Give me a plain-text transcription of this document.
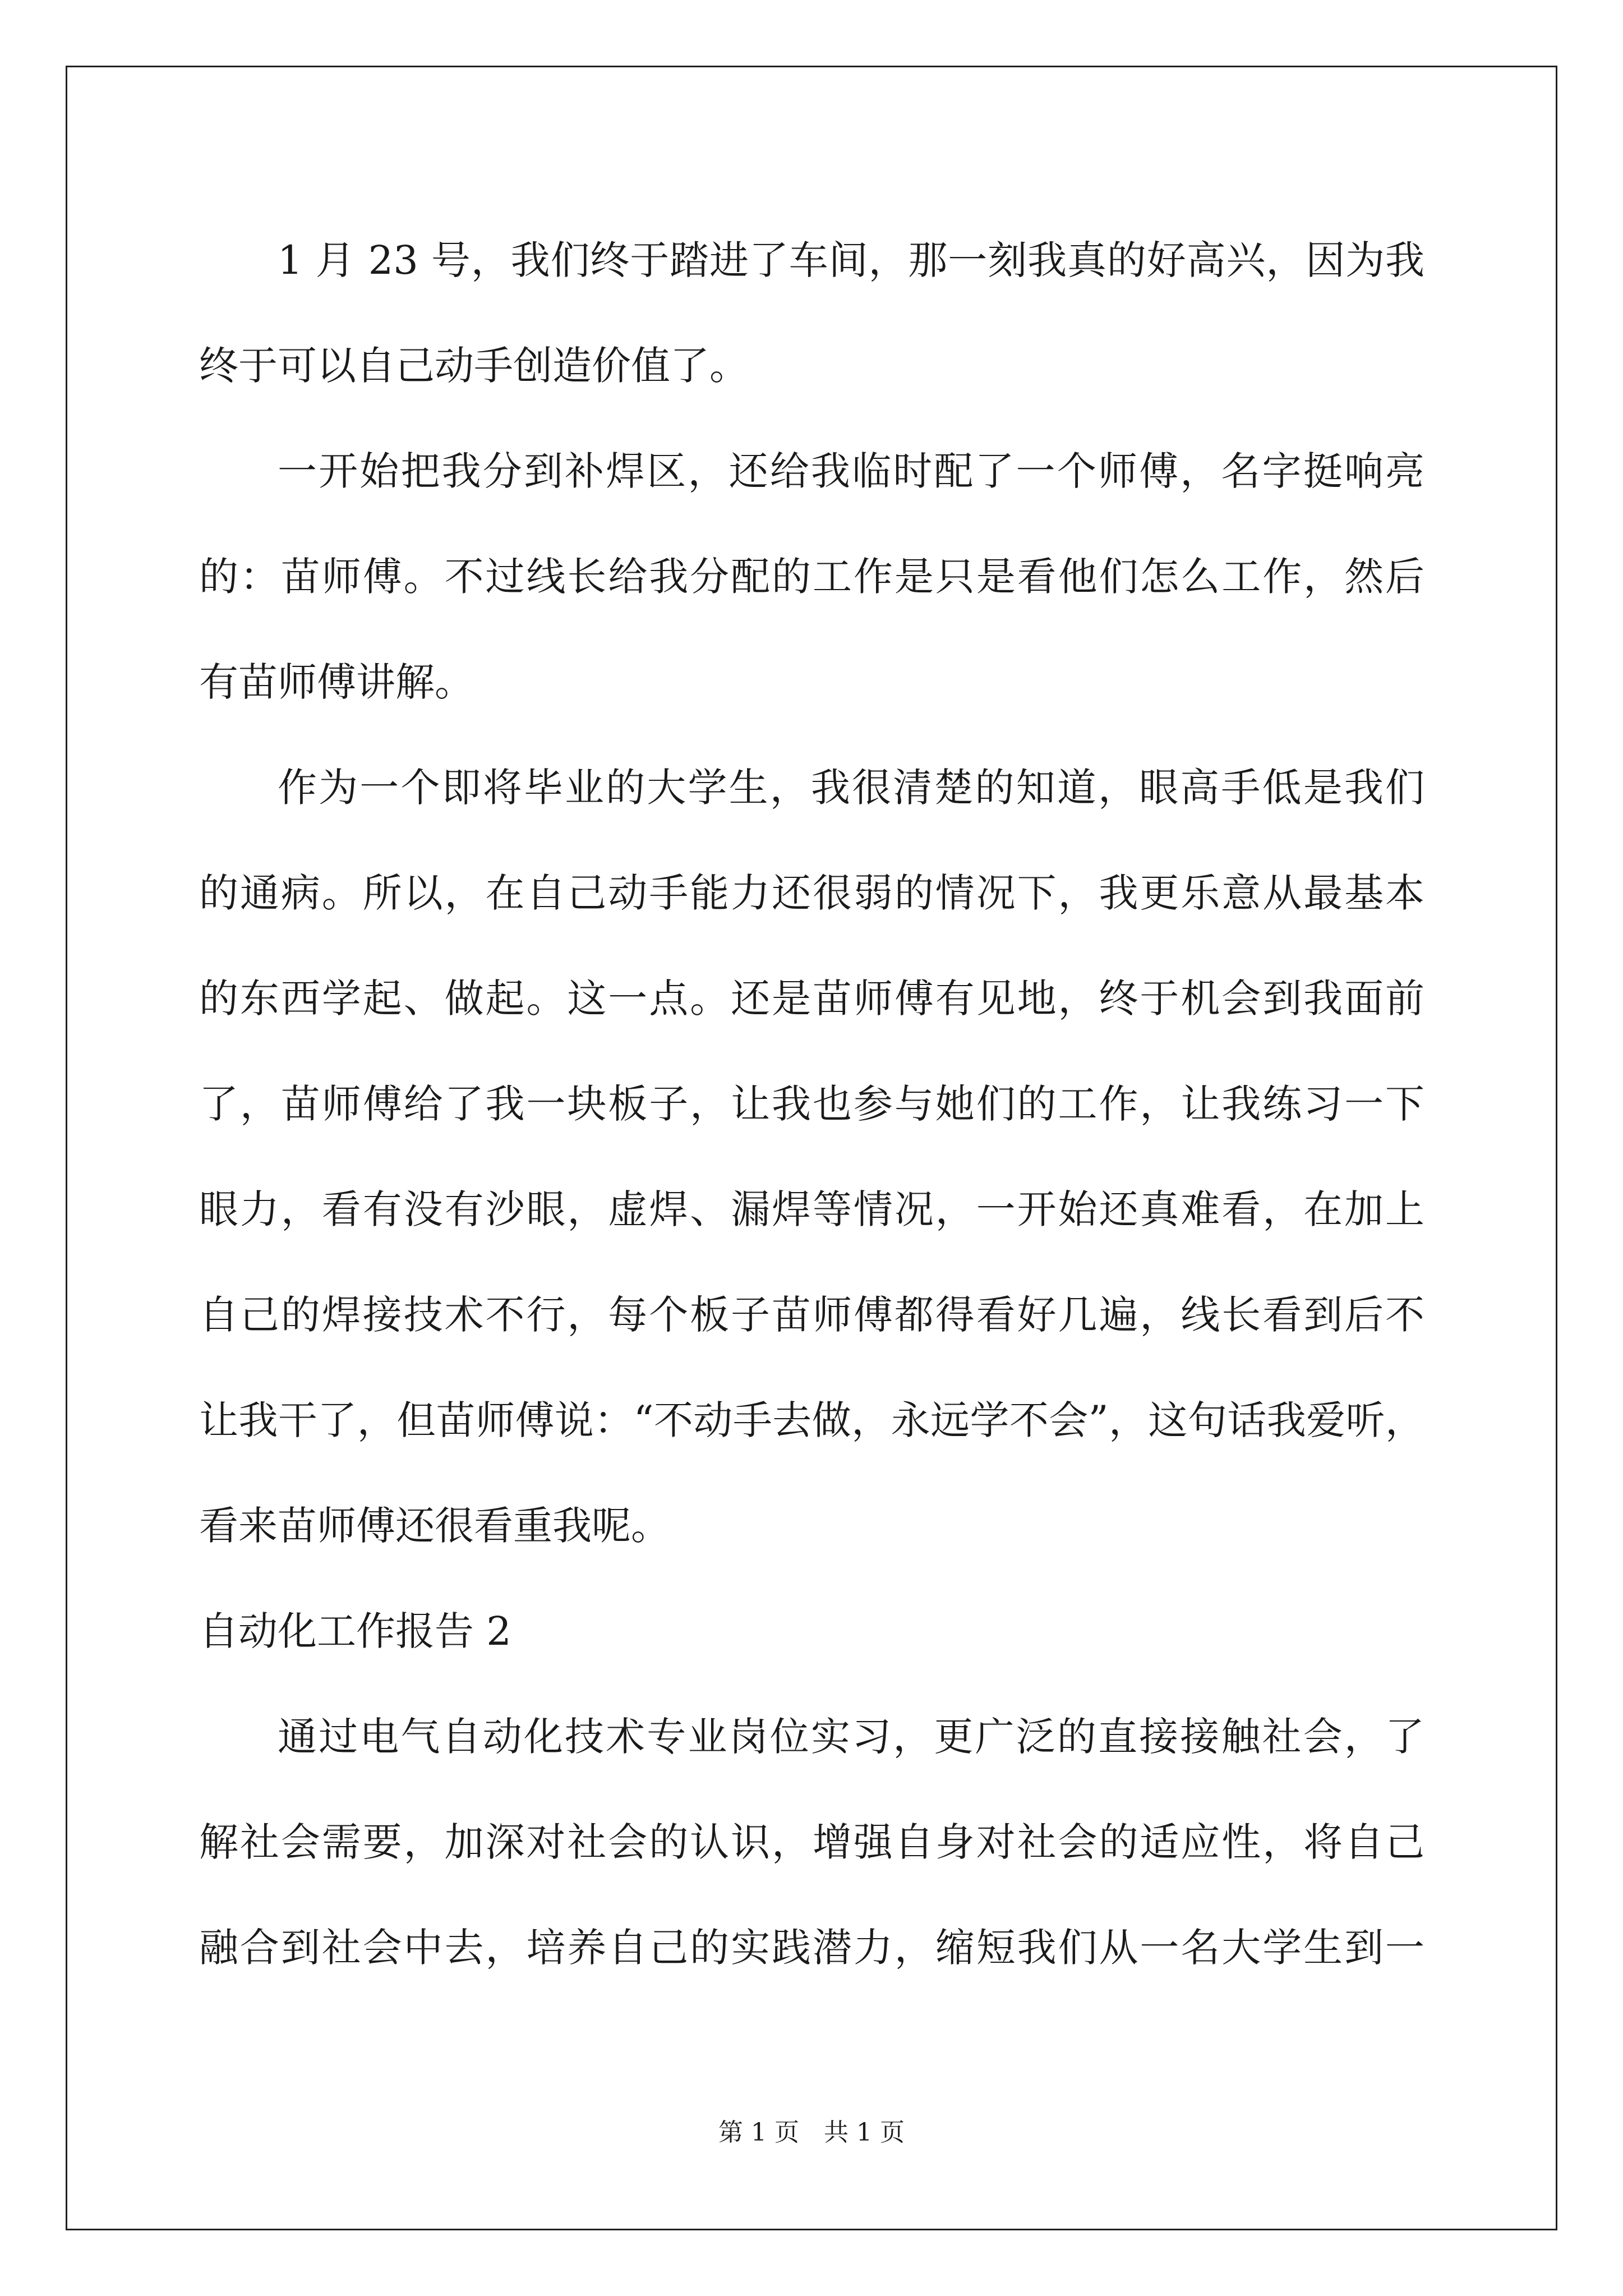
1 月 23 号，我们终于踏进了车间，那一刻我真的好高兴，因为我
终于可以自己动手创造价值了。
一开始把我分到补焊区，还给我临时配了一个师傅，名字挺响亮
的：苗师傅。不过线长给我分配的工作是只是看他们怎么工作，然后
有苗师傅讲解。
作为一个即将毕业的大学生，我很清楚的知道，眼高手低是我们
的通病。所以，在自己动手能力还很弱的情况下，我更乐意从最基本
的东西学起、做起。这一点。还是苗师傅有见地，终于机会到我面前
了，苗师傅给了我一块板子，让我也参与她们的工作，让我练习一下
眼力，看有没有沙眼，虚焊、漏焊等情况，一开始还真难看，在加上
自己的焊接技术不行，每个板子苗师傅都得看好几遍，线长看到后不
让我干了，但苗师傅说：“不动手去做，永远学不会”，这句话我爱听，
看来苗师傅还很看重我呢。
自动化工作报告 2
通过电气自动化技术专业岗位实习，更广泛的直接接触社会，了
解社会需要，加深对社会的认识，增强自身对社会的适应性，将自己
融合到社会中去，培养自己的实践潜力，缩短我们从一名大学生到一
第 1 页　共 1 页
